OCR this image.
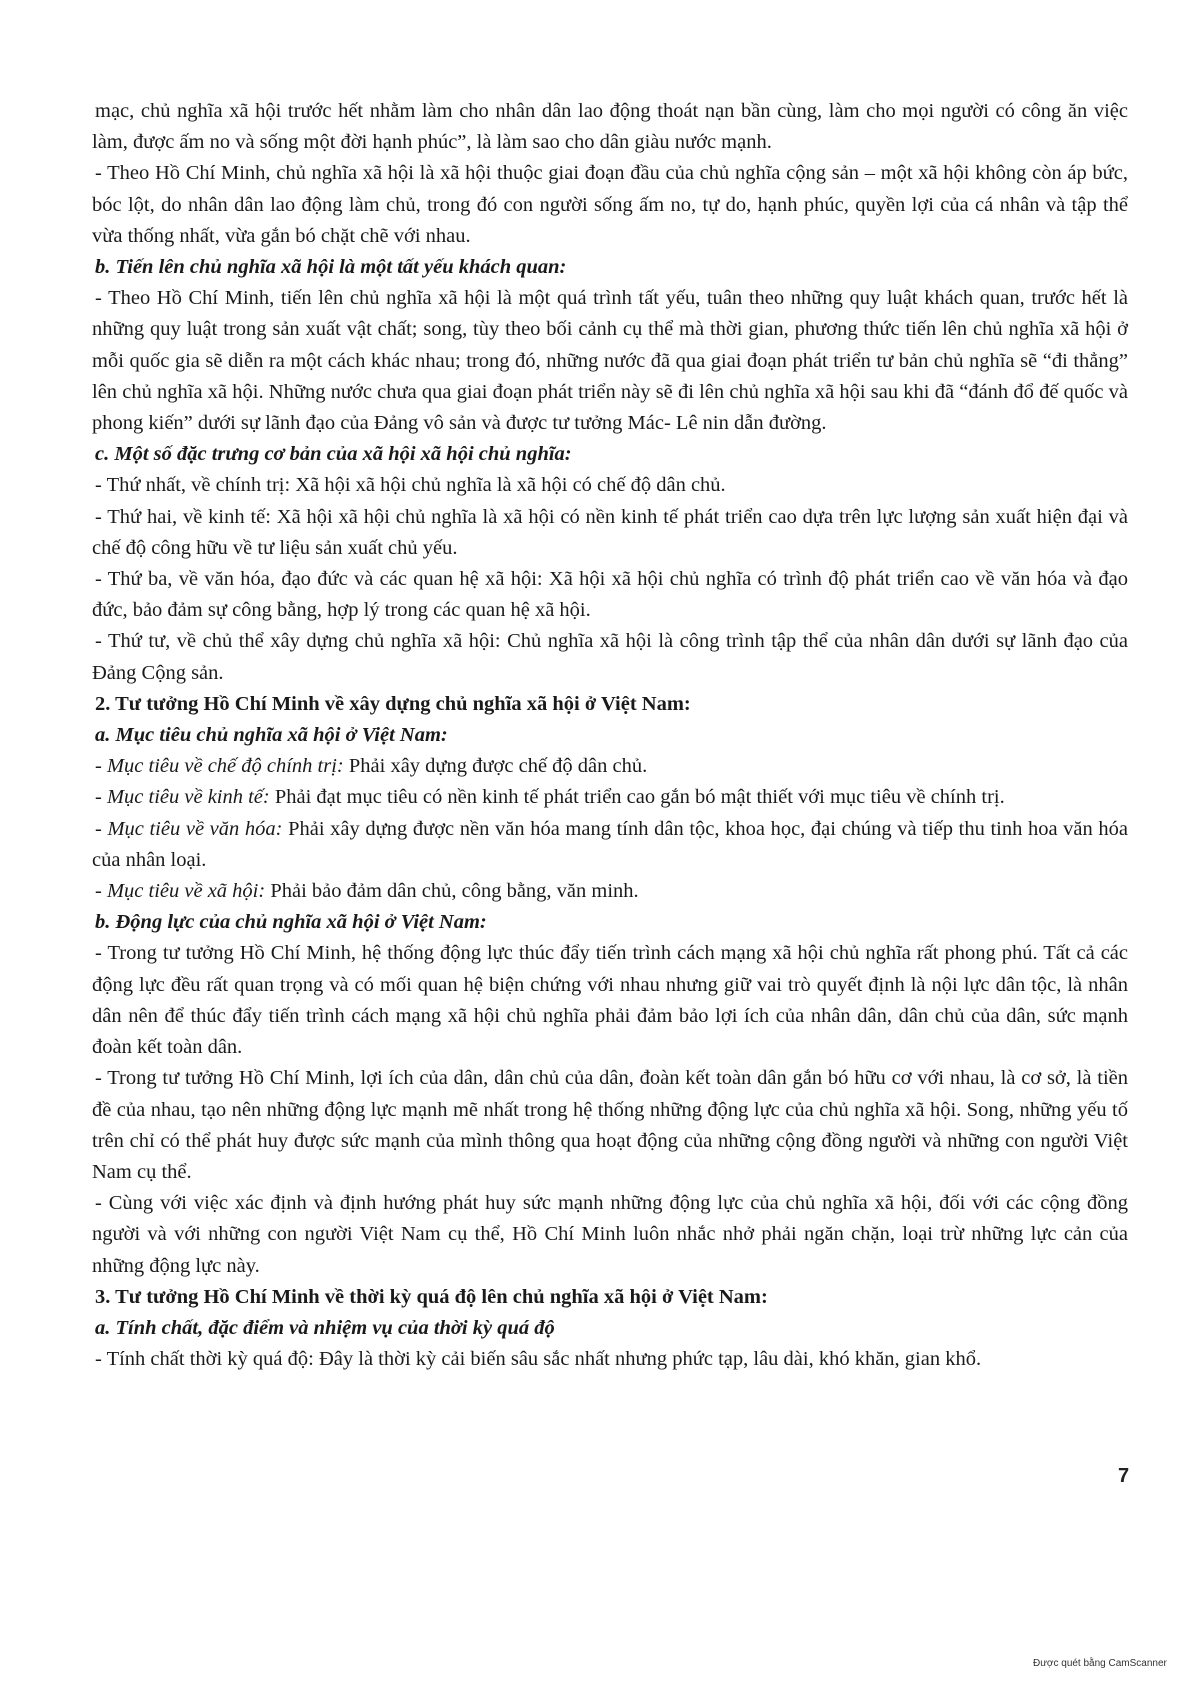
mạc, chủ nghĩa xã hội trước hết nhằm làm cho nhân dân lao động thoát nạn bần cùng, làm cho mọi người có công ăn việc làm, được ấm no và sống một đời hạnh phúc”, là làm sao cho dân giàu nước mạnh.

- Theo Hồ Chí Minh, chủ nghĩa xã hội là xã hội thuộc giai đoạn đầu của chủ nghĩa cộng sản – một xã hội không còn áp bức, bóc lột, do nhân dân lao động làm chủ, trong đó con người sống ấm no, tự do, hạnh phúc, quyền lợi của cá nhân và tập thể vừa thống nhất, vừa gắn bó chặt chẽ với nhau.

b. Tiến lên chủ nghĩa xã hội là một tất yếu khách quan:

- Theo Hồ Chí Minh, tiến lên chủ nghĩa xã hội là một quá trình tất yếu, tuân theo những quy luật khách quan, trước hết là những quy luật trong sản xuất vật chất; song, tùy theo bối cảnh cụ thể mà thời gian, phương thức tiến lên chủ nghĩa xã hội ở mỗi quốc gia sẽ diễn ra một cách khác nhau; trong đó, những nước đã qua giai đoạn phát triển tư bản chủ nghĩa sẽ “đi thẳng” lên chủ nghĩa xã hội. Những nước chưa qua giai đoạn phát triển này sẽ đi lên chủ nghĩa xã hội sau khi đã “đánh đổ đế quốc và phong kiến” dưới sự lãnh đạo của Đảng vô sản và được tư tưởng Mác- Lê nin dẫn đường.

c. Một số đặc trưng cơ bản của xã hội xã hội chủ nghĩa:

- Thứ nhất, về chính trị: Xã hội xã hội chủ nghĩa là xã hội có chế độ dân chủ.

- Thứ hai, về kinh tế: Xã hội xã hội chủ nghĩa là xã hội có nền kinh tế phát triển cao dựa trên lực lượng sản xuất hiện đại và chế độ công hữu về tư liệu sản xuất chủ yếu.

- Thứ ba, về văn hóa, đạo đức và các quan hệ xã hội: Xã hội xã hội chủ nghĩa có trình độ phát triển cao về văn hóa và đạo đức, bảo đảm sự công bằng, hợp lý trong các quan hệ xã hội.

- Thứ tư, về chủ thể xây dựng chủ nghĩa xã hội: Chủ nghĩa xã hội là công trình tập thể của nhân dân dưới sự lãnh đạo của Đảng Cộng sản.

2. Tư tưởng Hồ Chí Minh về xây dựng chủ nghĩa xã hội ở Việt Nam:

a. Mục tiêu chủ nghĩa xã hội ở Việt Nam:

- Mục tiêu về chế độ chính trị: Phải xây dựng được chế độ dân chủ.

- Mục tiêu về kinh tế: Phải đạt mục tiêu có nền kinh tế phát triển cao gắn bó mật thiết với mục tiêu về chính trị.

- Mục tiêu về văn hóa: Phải xây dựng được nền văn hóa mang tính dân tộc, khoa học, đại chúng và tiếp thu tinh hoa văn hóa của nhân loại.

- Mục tiêu về xã hội: Phải bảo đảm dân chủ, công bằng, văn minh.

b. Động lực của chủ nghĩa xã hội ở Việt Nam:

- Trong tư tưởng Hồ Chí Minh, hệ thống động lực thúc đẩy tiến trình cách mạng xã hội chủ nghĩa rất phong phú. Tất cả các động lực đều rất quan trọng và có mối quan hệ biện chứng với nhau nhưng giữ vai trò quyết định là nội lực dân tộc, là nhân dân nên để thúc đẩy tiến trình cách mạng xã hội chủ nghĩa phải đảm bảo lợi ích của nhân dân, dân chủ của dân, sức mạnh đoàn kết toàn dân.

- Trong tư tưởng Hồ Chí Minh, lợi ích của dân, dân chủ của dân, đoàn kết toàn dân gắn bó hữu cơ với nhau, là cơ sở, là tiền đề của nhau, tạo nên những động lực mạnh mẽ nhất trong hệ thống những động lực của chủ nghĩa xã hội. Song, những yếu tố trên chỉ có thể phát huy được sức mạnh của mình thông qua hoạt động của những cộng đồng người và những con người Việt Nam cụ thể.

- Cùng với việc xác định và định hướng phát huy sức mạnh những động lực của chủ nghĩa xã hội, đối với các cộng đồng người và với những con người Việt Nam cụ thể, Hồ Chí Minh luôn nhắc nhở phải ngăn chặn, loại trừ những lực cản của những động lực này.

3. Tư tưởng Hồ Chí Minh về thời kỳ quá độ lên chủ nghĩa xã hội ở Việt Nam:

a. Tính chất, đặc điểm và nhiệm vụ của thời kỳ quá độ

- Tính chất thời kỳ quá độ: Đây là thời kỳ cải biến sâu sắc nhất nhưng phức tạp, lâu dài, khó khăn, gian khổ.

7
Được quét bằng CamScanner
